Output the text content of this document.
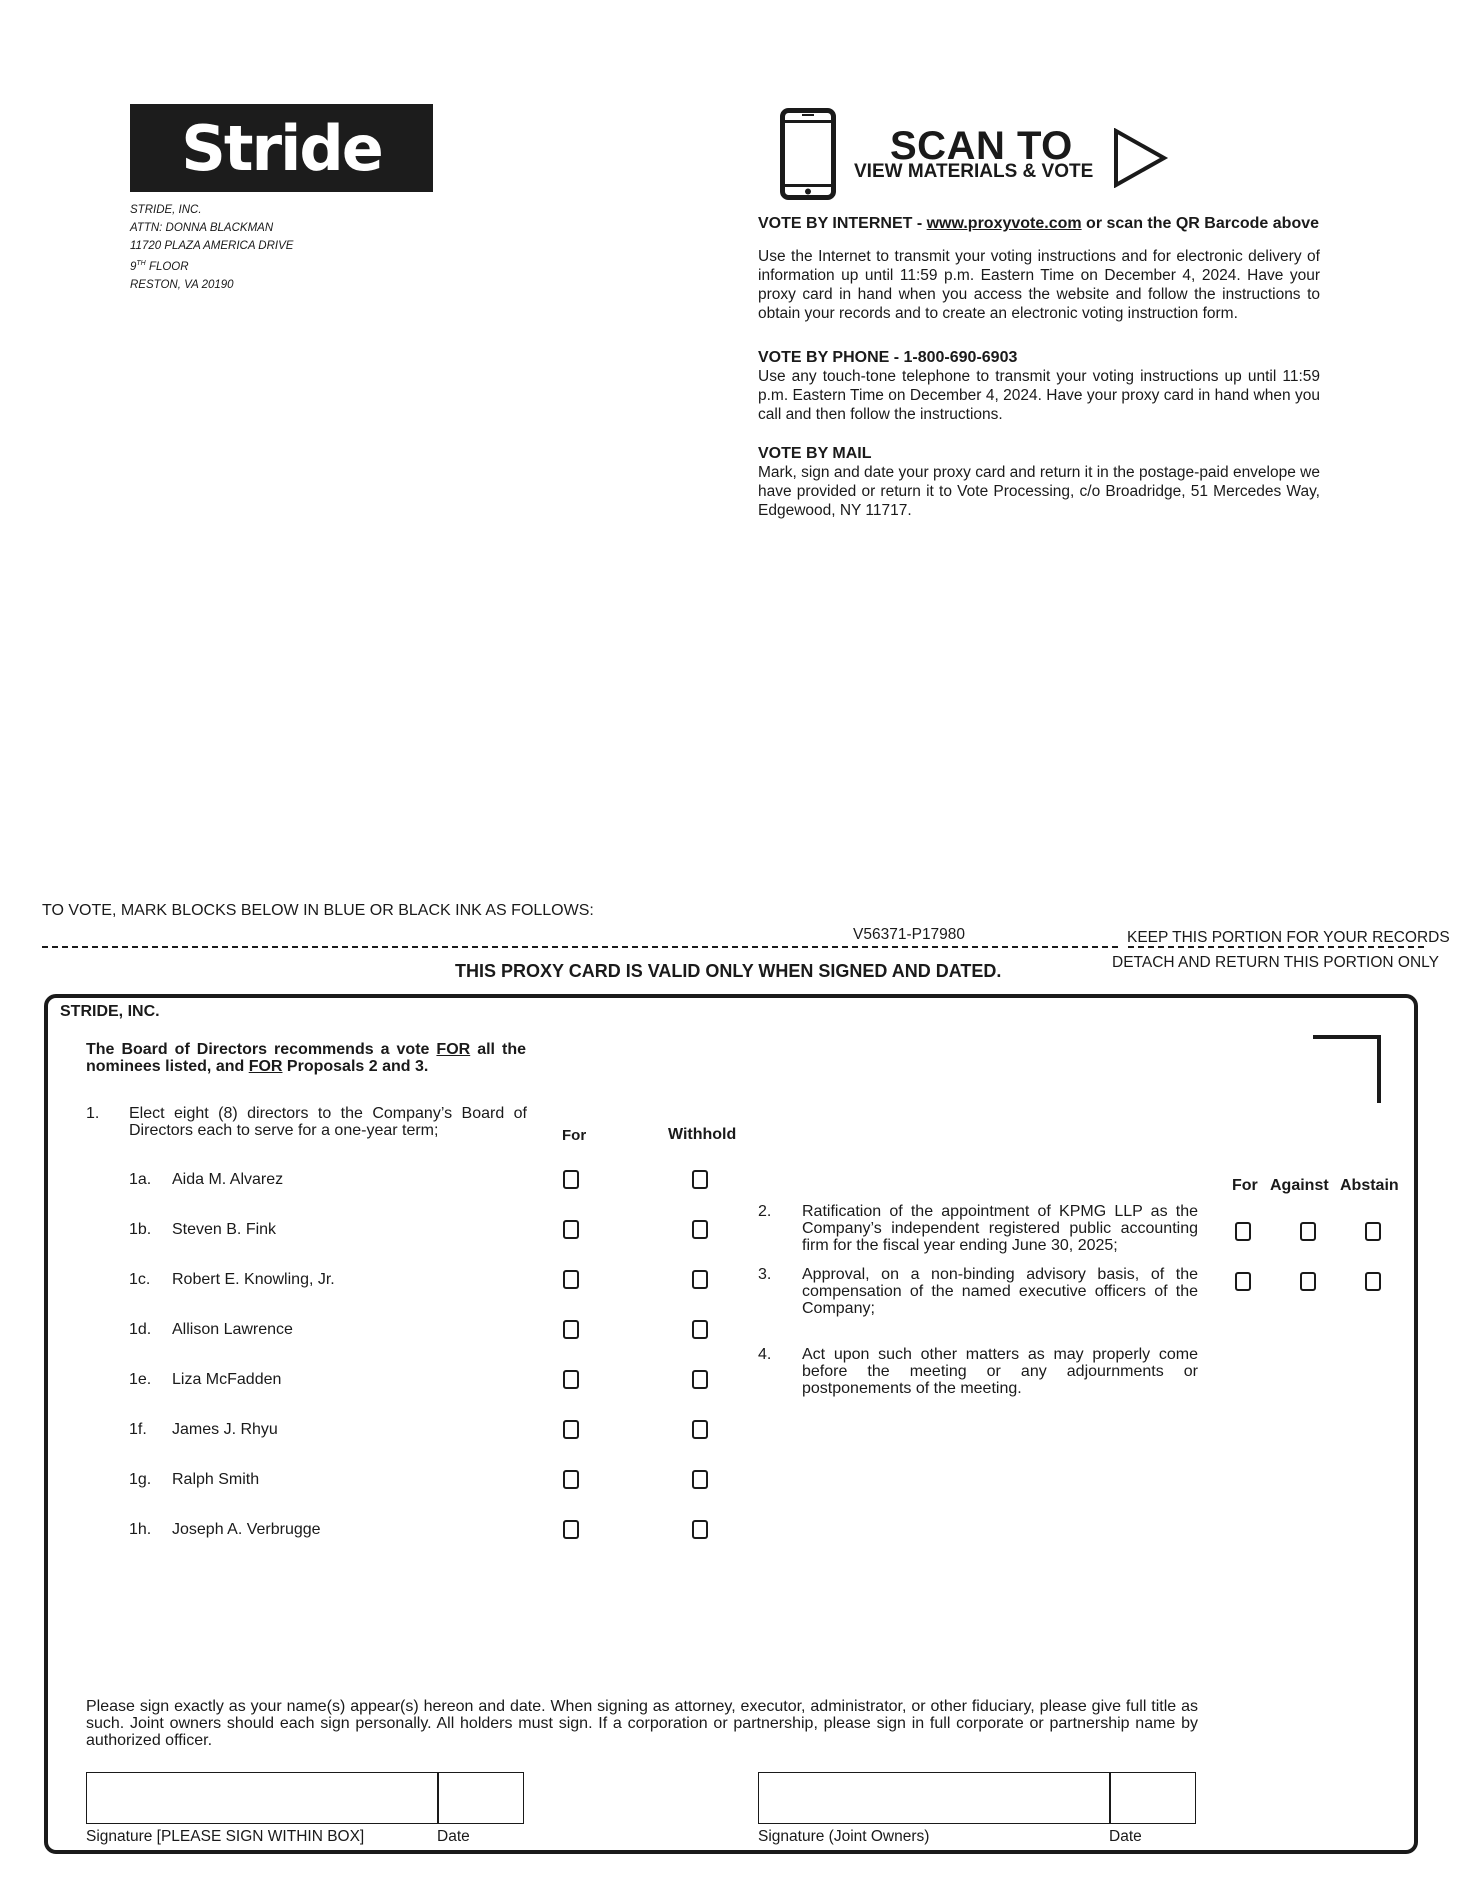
Stride
STRIDE, INC.
ATTN: DONNA BLACKMAN
11720 PLAZA AMERICA DRIVE
9TH FLOOR
RESTON, VA 20190
SCAN TO
VIEW MATERIALS & VOTE
VOTE BY INTERNET - www.proxyvote.com or scan the QR Barcode above
Use the Internet to transmit your voting instructions and for electronic delivery of information up until 11:59 p.m. Eastern Time on December 4, 2024. Have your proxy card in hand when you access the website and follow the instructions to obtain your records and to create an electronic voting instruction form.
VOTE BY PHONE - 1-800-690-6903
Use any touch-tone telephone to transmit your voting instructions up until 11:59 p.m. Eastern Time on December 4, 2024. Have your proxy card in hand when you call and then follow the instructions.
VOTE BY MAIL
Mark, sign and date your proxy card and return it in the postage-paid envelope we have provided or return it to Vote Processing, c/o Broadridge, 51 Mercedes Way, Edgewood, NY 11717.
TO VOTE, MARK BLOCKS BELOW IN BLUE OR BLACK INK AS FOLLOWS:
V56371-P17980	KEEP THIS PORTION FOR YOUR RECORDS
DETACH AND RETURN THIS PORTION ONLY
THIS PROXY CARD IS VALID ONLY WHEN SIGNED AND DATED.
STRIDE, INC.
The Board of Directors recommends a vote FOR all the nominees listed, and FOR Proposals 2 and 3.
1. Elect eight (8) directors to the Company’s Board of Directors each to serve for a one-year term;	For	Withhold
1a. Aida M. Alvarez
1b. Steven B. Fink
1c. Robert E. Knowling, Jr.
1d. Allison Lawrence
1e. Liza McFadden
1f. James J. Rhyu
1g. Ralph Smith
1h. Joseph A. Verbrugge
For Against Abstain
2. Ratification of the appointment of KPMG LLP as the Company’s independent registered public accounting firm for the fiscal year ending June 30, 2025;
3. Approval, on a non-binding advisory basis, of the compensation of the named executive officers of the Company;
4. Act upon such other matters as may properly come before the meeting or any adjournments or postponements of the meeting.
Please sign exactly as your name(s) appear(s) hereon and date. When signing as attorney, executor, administrator, or other fiduciary, please give full title as such. Joint owners should each sign personally. All holders must sign. If a corporation or partnership, please sign in full corporate or partnership name by authorized officer.
Signature [PLEASE SIGN WITHIN BOX]	Date	Signature (Joint Owners)	Date
